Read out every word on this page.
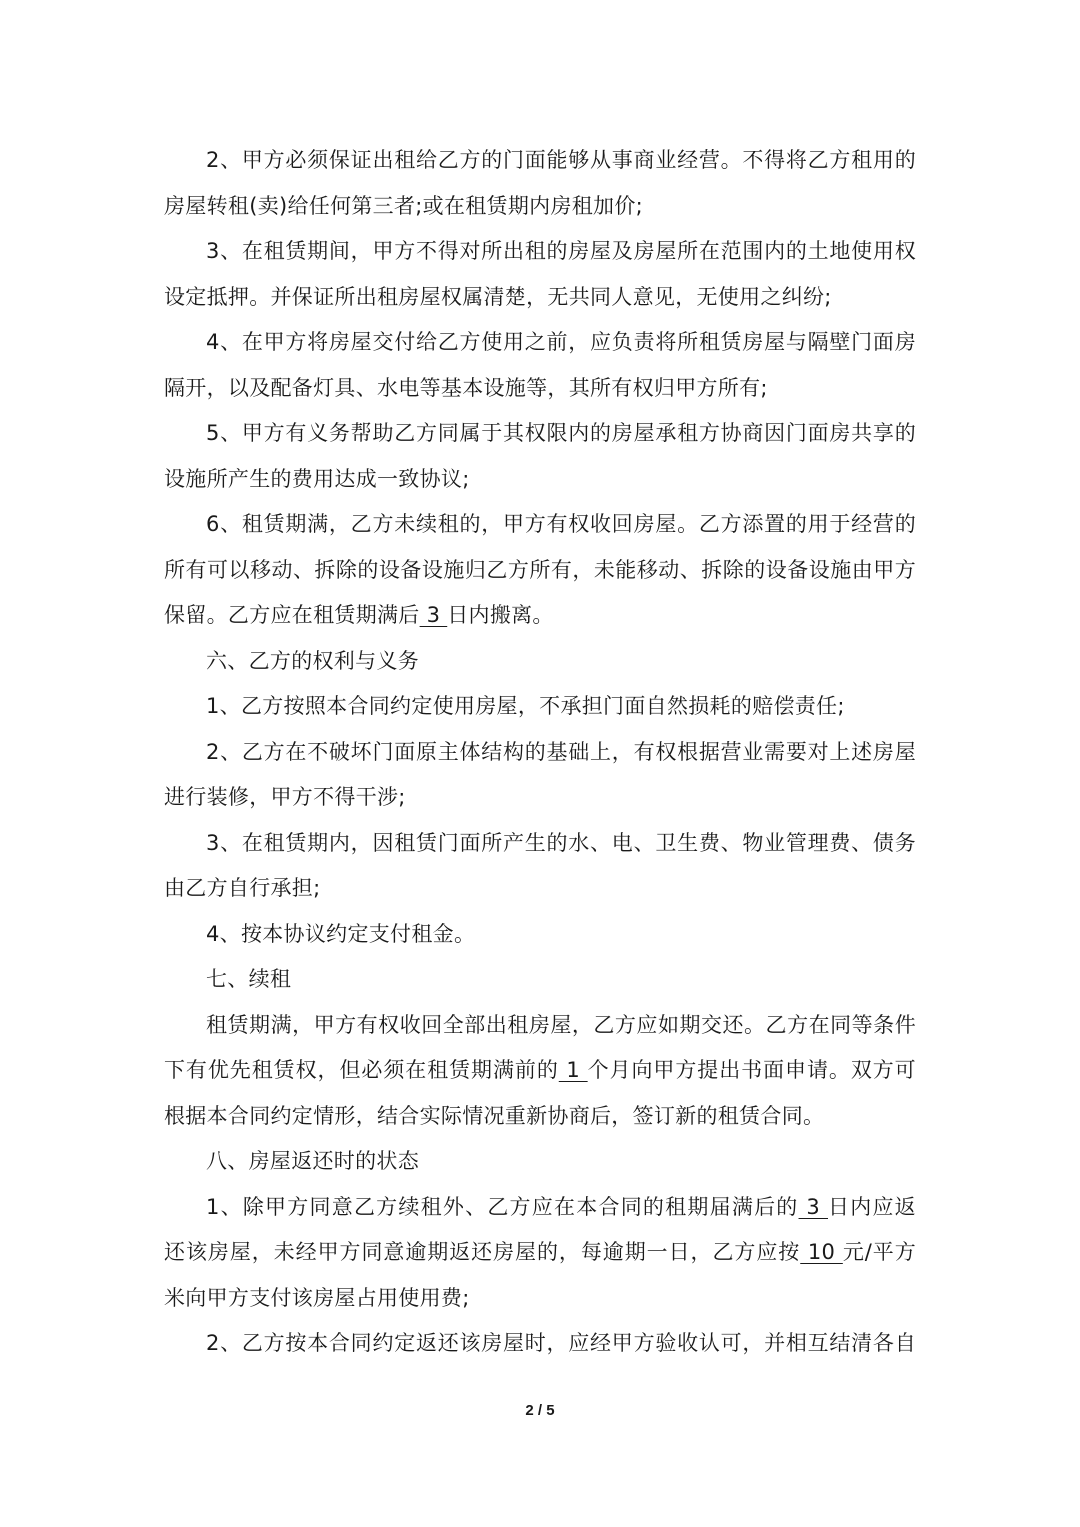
2、甲方必须保证出租给乙方的门面能够从事商业经营。不得将乙方租用的
房屋转租(卖)给任何第三者;或在租赁期内房租加价;
3、在租赁期间，甲方不得对所出租的房屋及房屋所在范围内的土地使用权
设定抵押。并保证所出租房屋权属清楚，无共同人意见，无使用之纠纷;
4、在甲方将房屋交付给乙方使用之前，应负责将所租赁房屋与隔壁门面房
隔开，以及配备灯具、水电等基本设施等，其所有权归甲方所有;
5、甲方有义务帮助乙方同属于其权限内的房屋承租方协商因门面房共享的
设施所产生的费用达成一致协议;
6、租赁期满，乙方未续租的，甲方有权收回房屋。乙方添置的用于经营的
所有可以移动、拆除的设备设施归乙方所有，未能移动、拆除的设备设施由甲方
保留。乙方应在租赁期满后 3 日内搬离。
六、乙方的权利与义务
1、乙方按照本合同约定使用房屋，不承担门面自然损耗的赔偿责任;
2、乙方在不破坏门面原主体结构的基础上，有权根据营业需要对上述房屋
进行装修，甲方不得干涉;
3、在租赁期内，因租赁门面所产生的水、电、卫生费、物业管理费、债务
由乙方自行承担;
4、按本协议约定支付租金。
七、续租
租赁期满，甲方有权收回全部出租房屋，乙方应如期交还。乙方在同等条件
下有优先租赁权，但必须在租赁期满前的 1 个月向甲方提出书面申请。双方可
根据本合同约定情形，结合实际情况重新协商后，签订新的租赁合同。
八、房屋返还时的状态
1、除甲方同意乙方续租外、乙方应在本合同的租期届满后的 3 日内应返
还该房屋，未经甲方同意逾期返还房屋的，每逾期一日，乙方应按 10 元/平方
米向甲方支付该房屋占用使用费;
2、乙方按本合同约定返还该房屋时，应经甲方验收认可，并相互结清各自
2 / 5
